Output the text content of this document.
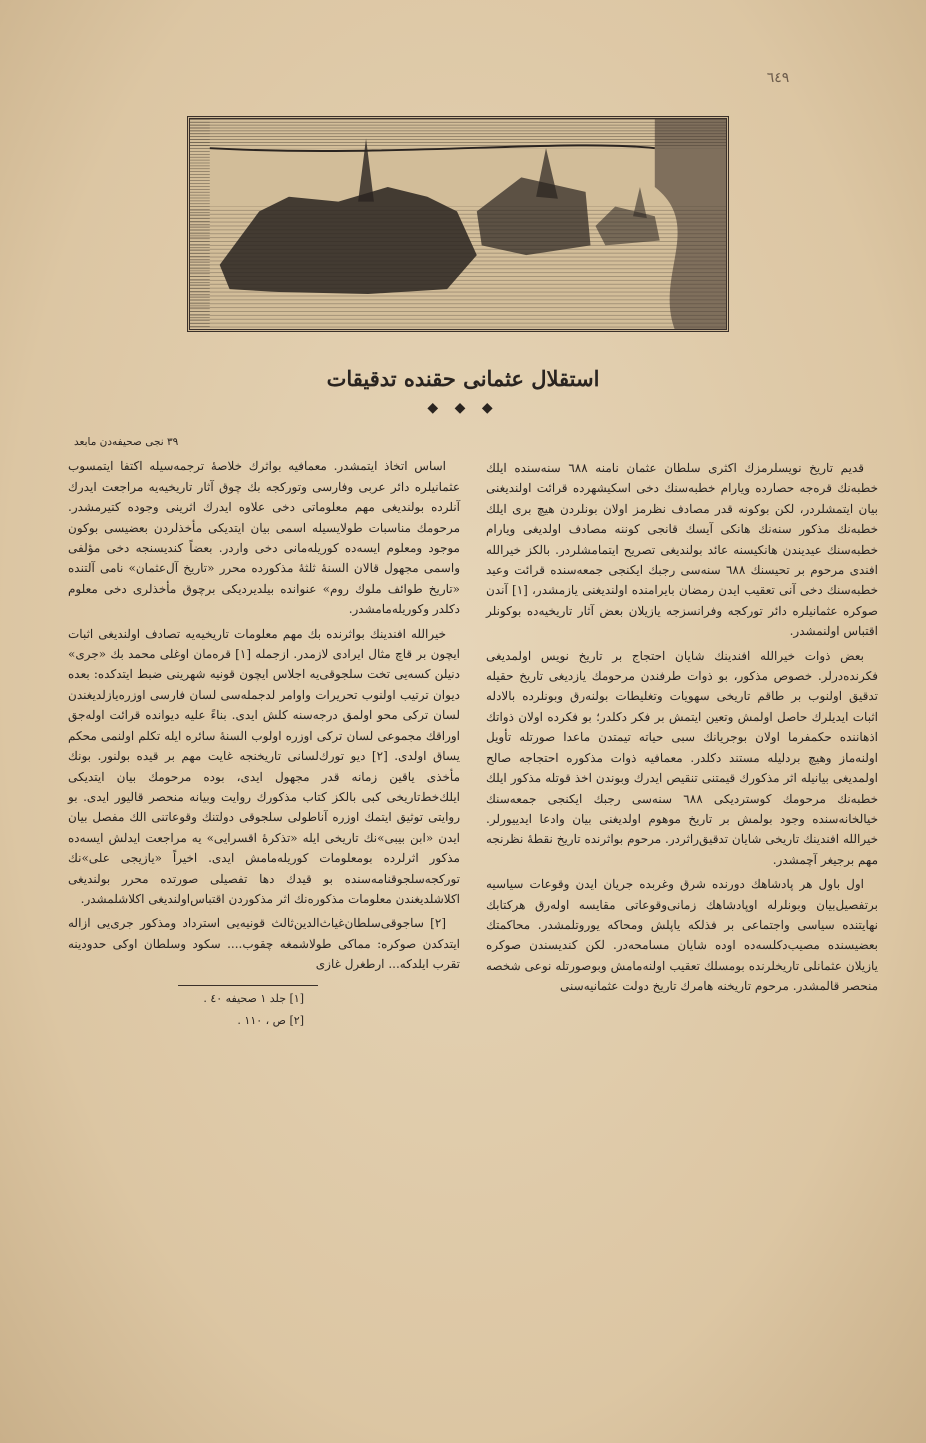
٦٤٩
استقلال عثمانی حقنده تدقیقات
◆ ◆ ◆

قدیم تاریخ نویسلرمزك اکثری سلطان عثمان نامنه ٦٨٨ سنه‌سنده ایلك خطبه‌نك قرەجه حصارده ویارام خطبه‌سنك دخی اسکیشهرده قرائت اولندیغنی بیان ایتمشلردر، لکن بوکونه قدر مصادف نظرمز اولان بونلردن هیچ بری ایلك خطبه‌نك مذکور سنه‌نك هانکی آیسك قانجی کوننه مصادف اولدیغی ویارام خطبه‌سنك عیدیندن هانکیسنه عائد بولندیغی تصریح ایتمامشلردر. بالکز خیرالله افندی مرحوم بر تحیسنك ٦٨٨ سنه‌سی رجبك ایکنجی جمعه‌سنده قرائت وعید خطبه‌سنك دخی آنی تعقیب ایدن رمضان بایرامنده اولندیغنی یازمشدر، [١] آندن صوکره عثمانیلره دائر تورکجه وفرانسزجه یازیلان بعض آثار تاریخیه‌ده بوکونلر اقتباس اولنمشدر.

بعض ذوات خیرالله افندینك شایان احتجاج بر تاریخ نویس اولمدیغی فکرنده‌درلر. خصوص مذکور، بو ذوات طرفندن مرحومك یازدیغی تاریخ حقیله تدقیق اولنوب بر طاقم تاریخی سهویات وتغلیطات بولنه‌رق وبونلرده بالادله اثبات ایدیلرك حاصل اولمش وتعین ایتمش بر فکر دکلدر؛ بو فکرده اولان ذواتك اذهاننده حکمفرما اولان بوجریانك سبی حیاته تیمتدن ماعدا صورتله تأویل اولنه‌ماز وهیچ بردلیله مستند دکلدر. معمافیه ذوات مذکوره احتجاجه صالح اولمدیغی بیانیله اثر مذکورك قیمتنی تنقیص ایدرك وبوندن اخذ قوتله مذکور ایلك خطبه‌نك مرحومك کوستردیکی ٦٨٨ سنه‌سی رجبك ایکنجی جمعه‌سنك خیالخانه‌سنده وجود بولمش بر تاریخ موهوم اولدیغنی بیان وادعا ایدییورلر. خیرالله افندینك تاریخی شایان تدقیق‌راثردر. مرحوم بواثرنده تاریخ نقطهٔ نظرنجه مهم برجیغر آچمشدر.

اول باول هر پادشاهك دورنده شرق وغربده جریان ایدن وقوعات سیاسیه برتفصیل‌بیان وبونلرله اوپادشاهك زمانی‌وقوعاتی مقایسه اوله‌رق هرکتابك نهایتنده سیاسی واجتماعی بر فذلکه یاپلش ومحاکه یوروتلمشدر. محاکمتك بعضیسنده مصیب‌دکلسه‌ده اوده شایان مسامحه‌در. لکن کندیسندن صوکره یازیلان عثمانلی تاریخلرنده بومسلك تعقیب اولنه‌مامش وبوصورتله نوعی شخصه منحصر قالمشدر. مرحوم تاریخنه هامرك تاریخ دولت عثمانیه‌سنی

٣٩ نجی صحیفه‌دن مابعد

اساس اتخاذ ایتمشدر. معمافیه بواثرك خلاصهٔ ترجمه‌سیله اکتفا ایتمسوب عثمانیلره دائر عربی وفارسی وتورکجه بك چوق آثار تاریخیه‌یه مراجعت ایدرك آنلرده بولندیغی مهم معلوماتی دخی علاوه ایدرك اثرینی وجوده کتیرمشدر. مرحومك مناسبات طولایسیله اسمی بیان ایتدیکی مأخذلردن بعضیسی بوکون موجود ومعلوم ایسه‌ده کوریله‌مانی دخی واردر. بعضاً کندیسنجه دخی مؤلفی واسمی مجهول قالان السنهٔ ثلثهٔ مذکورده محرر «تاریخ آل‌عثمان» نامی آلتنده «تاریخ طوائف ملوك روم» عنوانده بیلدیردیکی برچوق مأخذلری دخی معلوم دکلدر وکوریله‌مامشدر.

خیرالله افندینك بواثرنده بك مهم معلومات تاریخیه‌یه تصادف اولندیغی اثبات ایچون بر قاچ مثال ایرادی لازمدر. ازجمله [١] قرەمان اوغلی محمد بك «جری» دنیلن کسه‌یی تخت سلجوقی‌یه اجلاس ایچون قونیه شهرینی ضبط ایتدکده: بعده دیوان ترتیب اولنوب تحریرات واوامر لدجمله‌سی لسان فارسی اوزره‌یازلدیغندن لسان ترکی محو اولمق درجه‌سنه کلش ایدی. بناءً علیه دیوانده قرائت اوله‌جق اوراقك مجموعی لسان ترکی اوزره اولوب السنهٔ سائره ایله تکلم اولنمی محکم یساق اولدی. [٢] دیو تورك‌لسانی تاریخنجه غایت مهم بر قیده بولنور. بونك مأخذی یاقین زمانه قدر مجهول ایدی، بوده مرحومك بیان ایتدیکی ایلك‌خط‌تاریخی کبی بالکز کتاب مذکورك روایت وبیانه منحصر قالیور ایدی. بو روایتی توثیق ایتمك اوزره آناطولی سلجوقی دولتنك وقوعاتنی الك مفصل بیان ایدن «ابن بیبی»نك تاریخی ایله «تذکرهٔ اقسرایی» یه مراجعت ایدلش ایسه‌ده مذکور اثرلرده بومعلومات کوریله‌مامش ایدی. اخیراً «یازیجی علی»نك تورکجه‌سلجوقنامه‌سنده بو قیدك دها تفصیلی صورتده محرر بولندیغی اکلاشلدیغندن معلومات مذکوره‌نك اثر مذکوردن اقتباس‌اولندیغی اکلاشلمشدر.

[٢] ساجوقی‌سلطان‌غیاث‌الدین‌ثالث قونیه‌یی استرداد ومذکور جری‌یی ازاله ایتدکدن صوکره: مماکی طولاشمغه چقوب.... سکود وسلطان اوکی حدودینه تقرب ایلدکه... ارطغرل غازی

[١] جلد ١ صحیفه ٤٠ .

[٢] ص ، ١١٠ .
